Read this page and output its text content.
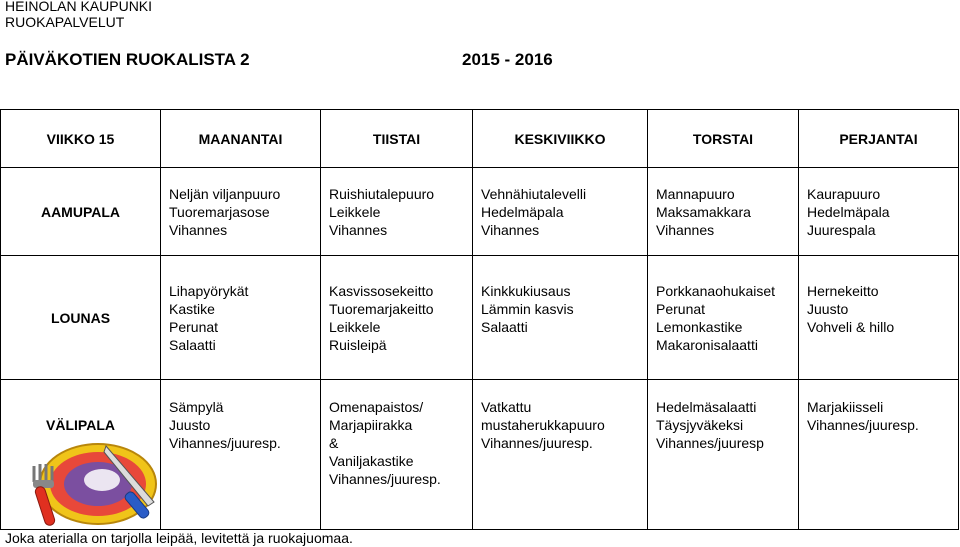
HEINOLAN KAUPUNKI
RUOKAPALVELUT
PÄIVÄKOTIEN RUOKALISTA 2	2015 - 2016
VIIKKO 15	MAANANTAI	TIISTAI	KESKIVIIKKO	TORSTAI	PERJANTAI
AAMUPALA	Neljän viljanpuuro
Tuoremarjasose
Vihannes	Ruishiutalepuuro
Leikkele
Vihannes	Vehnähiutalevelli
Hedelmäpala
Vihannes	Mannapuuro
Maksamakkara
Vihannes	Kaurapuuro
Hedelmäpala
Juurespala

LOUNAS	Lihapyörykät
Kastike
Perunat
Salaatti	Kasvissosekeitto
Tuoremarjakeitto
Leikkele
Ruisleipä	Kinkkukiusaus
Lämmin kasvis
Salaatti	Porkkanaohukaiset
Perunat
Lemonkastike
Makaronisalaatti	Hernekeitto
Juusto
Vohveli & hillo

VÄLIPALA	Sämpylä
Juusto
Vihannes/juuresp.	Omenapaistos/
Marjapiirakka
&
Vaniljakastike
Vihannes/juuresp.	Vatkattu
mustaherukkapuuro
Vihannes/juuresp.	Hedelmäsalaatti
Täysjyväkeksi
Vihannes/juuresp	Marjakiisseli
Vihannes/juuresp.
Joka aterialla on tarjolla leipää, levitettä ja ruokajuomaa.
